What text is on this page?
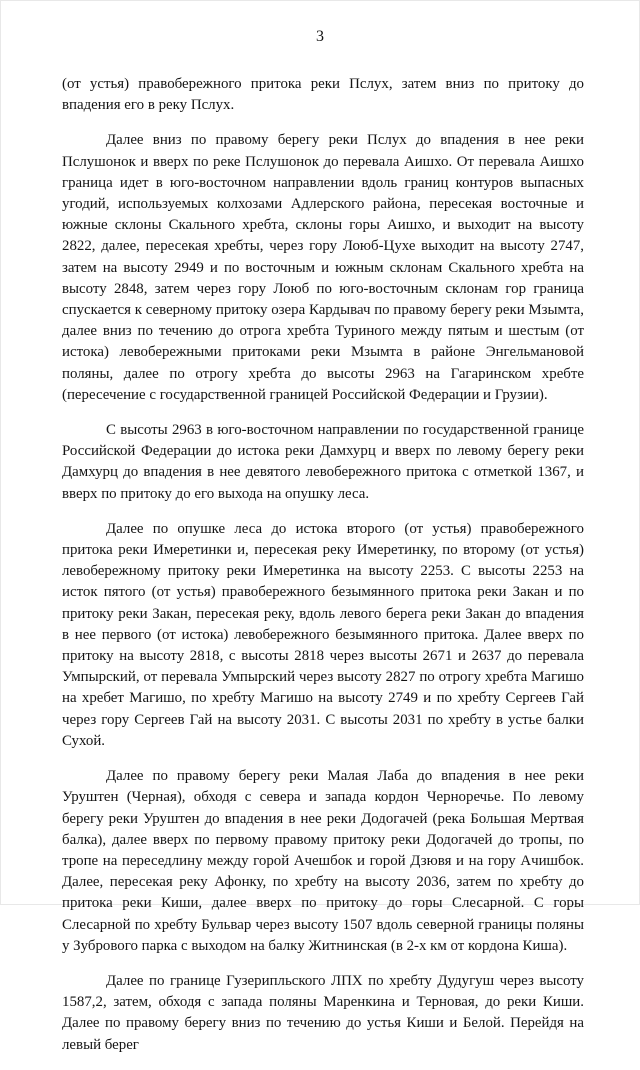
3

(от устья) правобережного притока реки Пслух, затем вниз по притоку до впадения его в реку Пслух.

Далее вниз по правому берегу реки Пслух до впадения в нее реки Пслушонок и вверх по реке Пслушонок до перевала Аишхо. От перевала Аишхо граница идет в юго-восточном направлении вдоль границ контуров выпасных угодий, используемых колхозами Адлерского района, пересекая восточные и южные склоны Скального хребта, склоны горы Аишхо, и выходит на высоту 2822, далее, пересекая хребты, через гору Лоюб-Цухе выходит на высоту 2747, затем на высоту 2949 и по восточным и южным склонам Скального хребта на высоту 2848, затем через гору Лоюб по юго-восточным склонам гор граница спускается к северному притоку озера Кардывач по правому берегу реки Мзымта, далее вниз по течению до отрога хребта Туриного между пятым и шестым (от истока) левобережными притоками реки Мзымта в районе Энгельмановой поляны, далее по отрогу хребта до высоты 2963 на Гагаринском хребте (пересечение с государственной границей Российской Федерации и Грузии).

С высоты 2963 в юго-восточном направлении по государственной границе Российской Федерации до истока реки Дамхурц и вверх по левому берегу реки Дамхурц до впадения в нее девятого левобережного притока с отметкой 1367, и вверх по притоку до его выхода на опушку леса.

Далее по опушке леса до истока второго (от устья) правобережного притока реки Имеретинки и, пересекая реку Имеретинку, по второму (от устья) левобережному притоку реки Имеретинка на высоту 2253. С высоты 2253 на исток пятого (от устья) правобережного безымянного притока реки Закан и по притоку реки Закан, пересекая реку, вдоль левого берега реки Закан до впадения в нее первого (от истока) левобережного безымянного притока. Далее вверх по притоку на высоту 2818, с высоты 2818 через высоты 2671 и 2637 до перевала Умпырский, от перевала Умпырский через высоту 2827 по отрогу хребта Магишо на хребет Магишо, по хребту Магишо на высоту 2749 и по хребту Сергеев Гай через гору Сергеев Гай на высоту 2031. С высоты 2031 по хребту в устье балки Сухой.

Далее по правому берегу реки Малая Лаба до впадения в нее реки Уруштен (Черная), обходя с севера и запада кордон Черноречье. По левому берегу реки Уруштен до впадения в нее реки Додогачей (река Большая Мертвая балка), далее вверх по первому правому притоку реки Додогачей до тропы, по тропе на переседлину между горой Ачешбок и горой Дзювя и на гору Ачишбок. Далее, пересекая реку Афонку, по хребту на высоту 2036, затем по хребту до притока реки Киши, далее вверх по притоку до горы Слесарной. С горы Слесарной по хребту Бульвар через высоту 1507 вдоль северной границы поляны у Зубрового парка с выходом на балку Житнинская (в 2-х км от кордона Киша).

Далее по границе Гузерипльского ЛПХ по хребту Дудугуш через высоту 1587,2, затем, обходя с запада поляны Маренкина и Терновая, до реки Киши. Далее по правому берегу вниз по течению до устья Киши и Белой. Перейдя на левый берег
